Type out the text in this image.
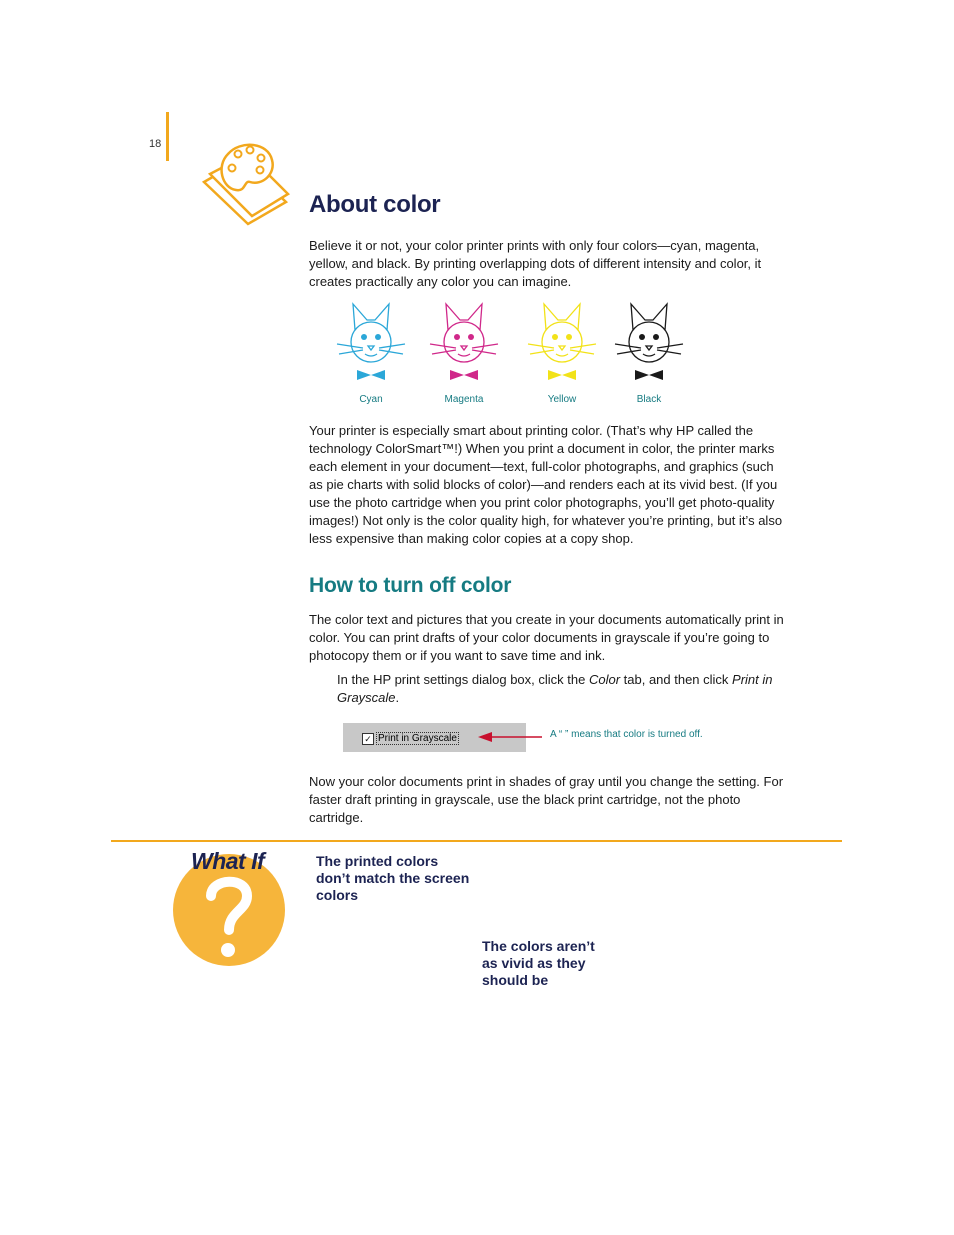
18
About color

Believe it or not, your color printer prints with only four colors—cyan, magenta, yellow, and black. By printing overlapping dots of different intensity and color, it creates practically any color you can imagine.

Cyan	Magenta	Yellow	Black

Your printer is especially smart about printing color. (That’s why HP called the technology ColorSmart™!) When you print a document in color, the printer marks each element in your document—text, full-color photographs, and graphics (such as pie charts with solid blocks of color)—and renders each at its vivid best. (If you use the photo cartridge when you print color photographs, you’ll get photo-quality images!) Not only is the color quality high, for whatever you’re printing, but it’s also less expensive than making color copies at a copy shop.

How to turn off color

The color text and pictures that you create in your documents automatically print in color. You can print drafts of your color documents in grayscale if you’re going to photocopy them or if you want to save time and ink.

In the HP print settings dialog box, click the Color tab, and then click Print in Grayscale.

✓ Print in Grayscale	A “ ” means that color is turned off.

Now your color documents print in shades of gray until you change the setting. For faster draft printing in grayscale, use the black print cartridge, not the photo cartridge.

What If	The printed colors don’t match the screen colors
The colors aren’t as vivid as they should be
